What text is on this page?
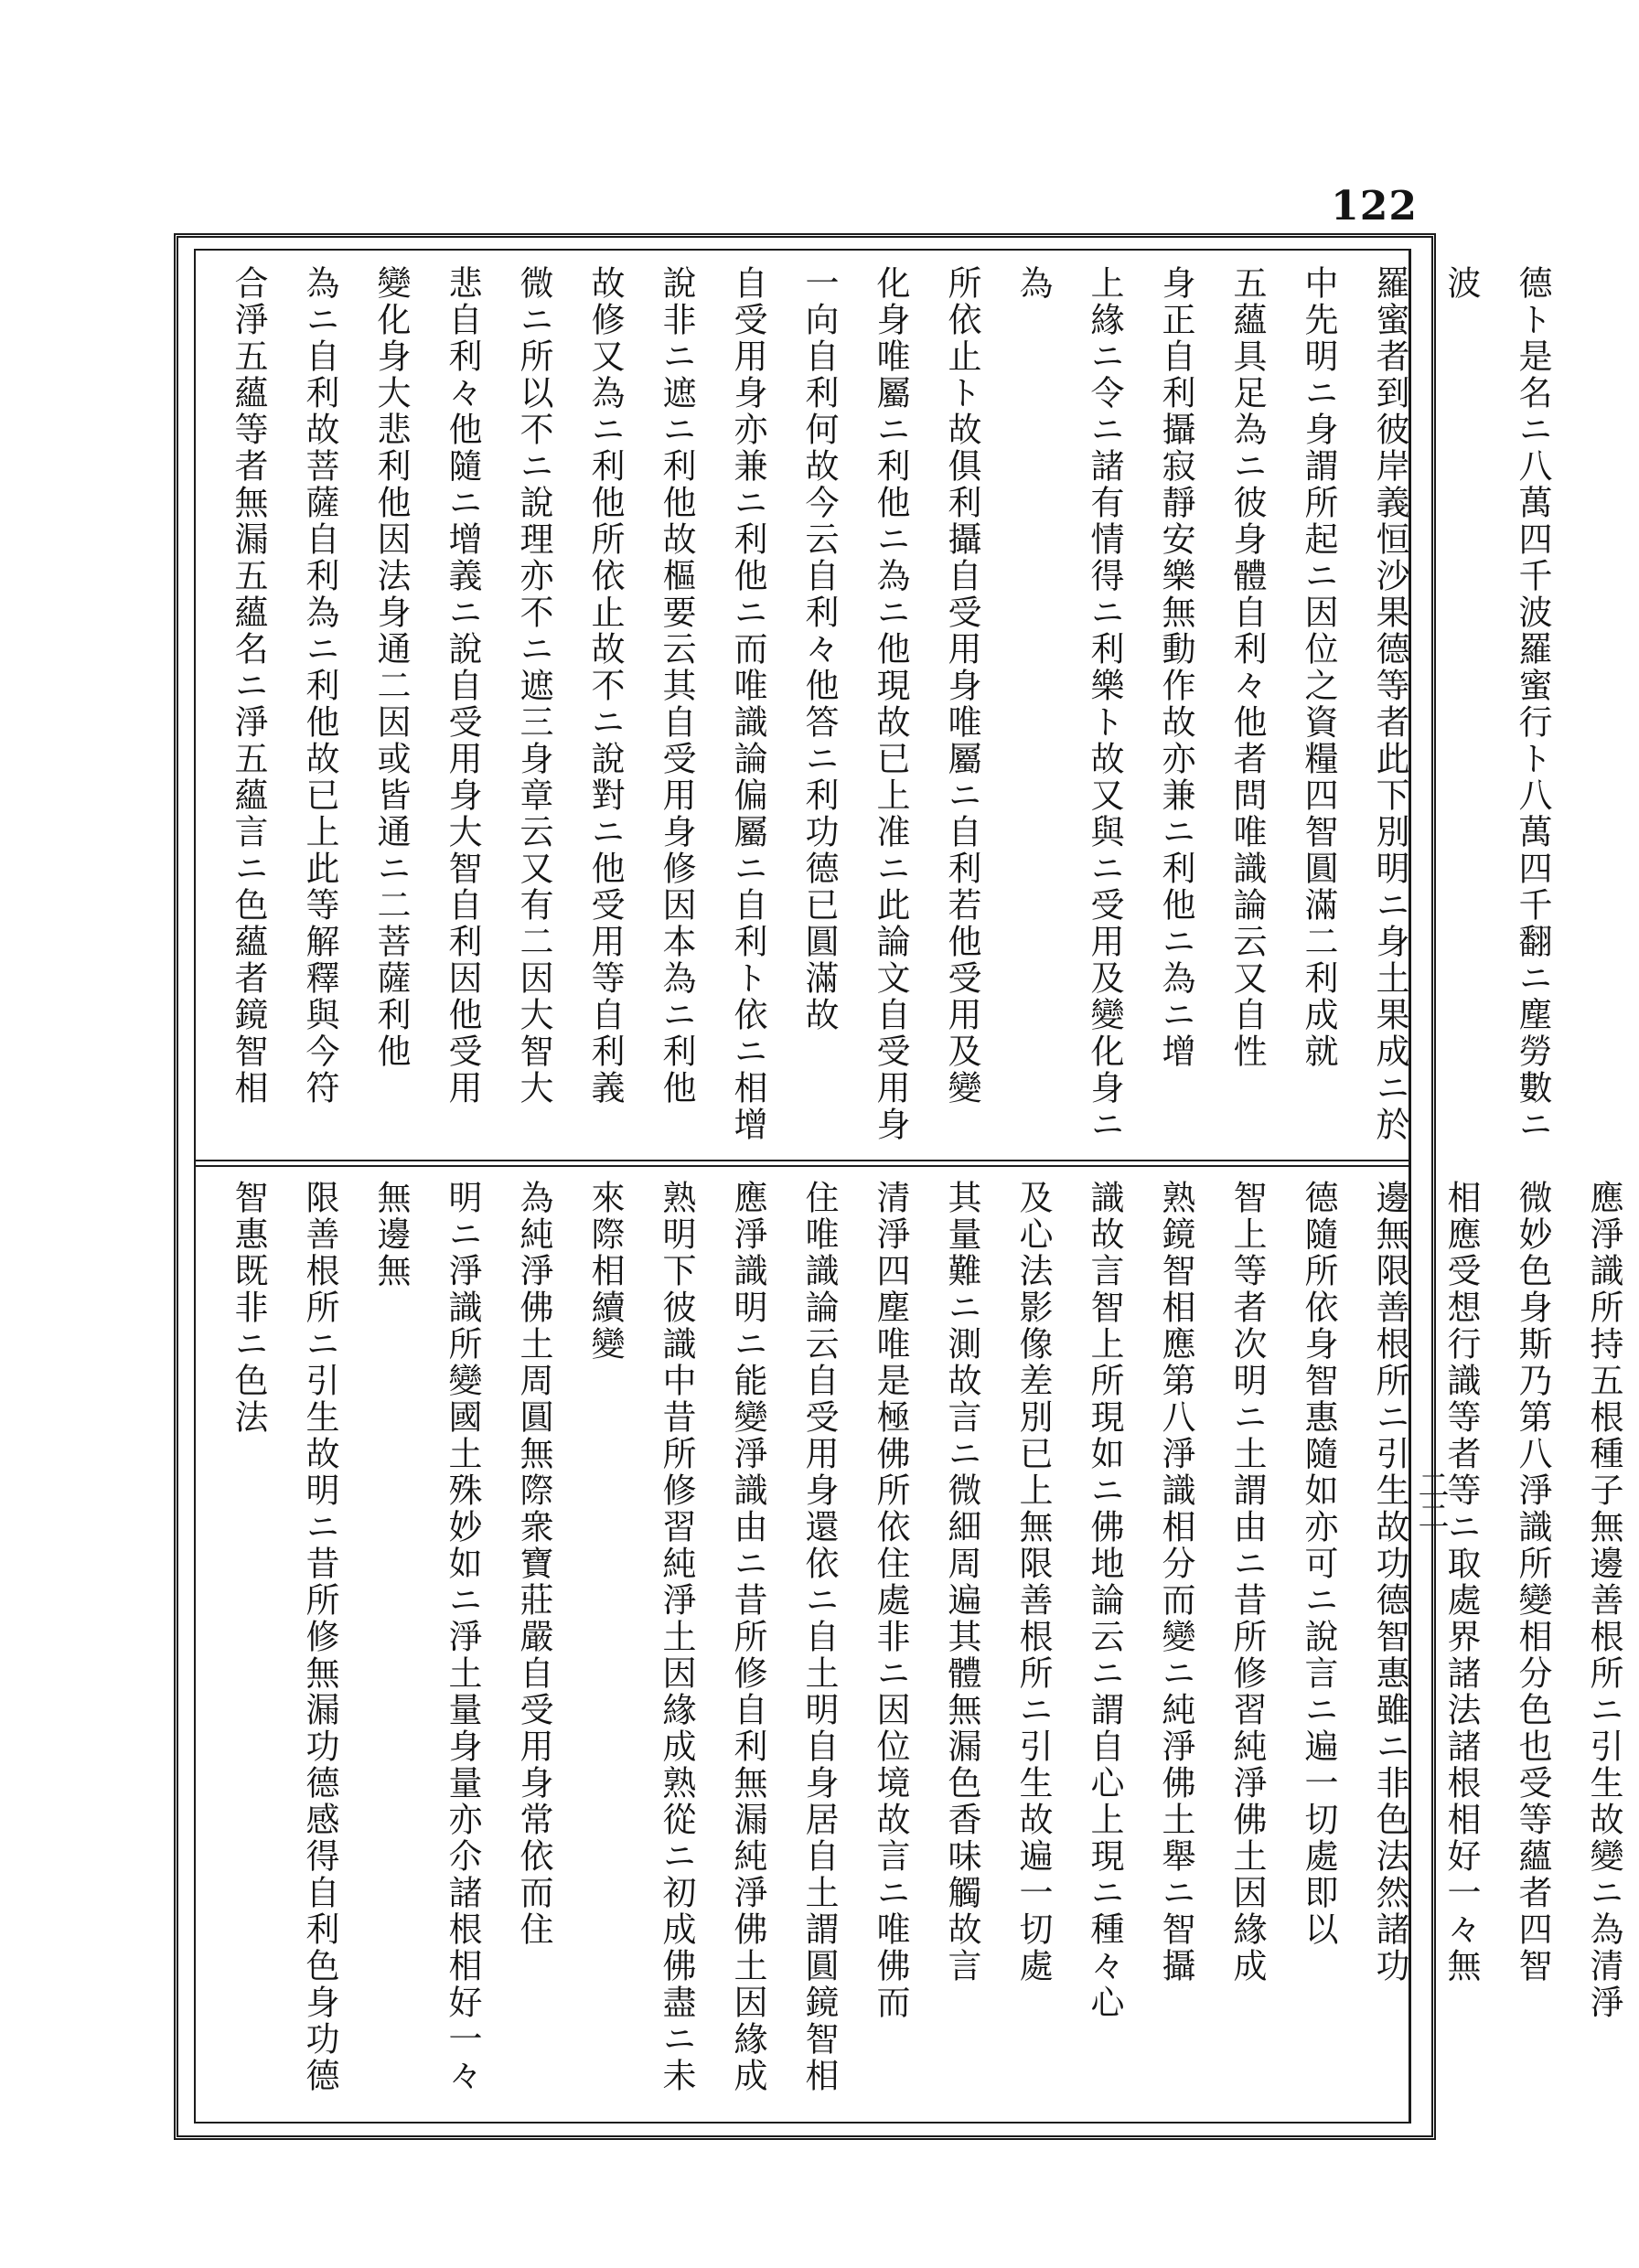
122
德ト是名ニ八萬四千波羅蜜行ト八萬四千翻ニ塵勞數ニ波
羅蜜者到彼岸義恒沙果德等者此下別明ニ身土果成ニ於
中先明ニ身謂所起ニ因位之資糧四智圓滿二利成就
五蘊具足為ニ彼身體自利々他者問唯識論云又自性
身正自利攝寂靜安樂無動作故亦兼ニ利他ニ為ニ增
上緣ニ令ニ諸有情得ニ利樂ト故又與ニ受用及變化身ニ為
所依止ト故俱利攝自受用身唯屬ニ自利若他受用及變
化身唯屬ニ利他ニ為ニ他現故已上准ニ此論文自受用身
一向自利何故今云自利々他答ニ利功德已圓滿故
自受用身亦兼ニ利他ニ而唯識論偏屬ニ自利ト依ニ相增
說非ニ遮ニ利他故樞要云其自受用身修因本為ニ利他
故修又為ニ利他所依止故不ニ說對ニ他受用等自利義
微ニ所以不ニ說理亦不ニ遮三身章云又有二因大智大
悲自利々他隨ニ增義ニ說自受用身大智自利因他受用
變化身大悲利他因法身通二因或皆通ニ二菩薩利他
為ニ自利故菩薩自利為ニ利他故已上此等解釋與今符
合淨五蘊等者無漏五蘊名ニ淨五蘊言ニ色蘊者鏡智相
應淨識所持五根種子無邊善根所ニ引生故變ニ為清淨
微妙色身斯乃第八淨識所變相分色也受等蘊者四智
相應受想行識等者等ニ取處界諸法諸根相好一々無
邊無限善根所ニ引生故功德智惠雖ニ非色法然諸功
德隨所依身智惠隨如亦可ニ說言ニ遍一切處即以
智上等者次明ニ土謂由ニ昔所修習純淨佛土因緣成
熟鏡智相應第八淨識相分而變ニ純淨佛土舉ニ智攝
識故言智上所現如ニ佛地論云ニ謂自心上現ニ種々心
及心法影像差別已上無限善根所ニ引生故遍一切處
其量難ニ測故言ニ微細周遍其體無漏色香味觸故言
清淨四塵唯是極佛所依住處非ニ因位境故言ニ唯佛而
住唯識論云自受用身還依ニ自土明自身居自土謂圓鏡智相
應淨識明ニ能變淨識由ニ昔所修自利無漏純淨佛土因緣成
熟明下彼識中昔所修習純淨土因緣成熟從ニ初成佛盡ニ未來際相續變
為純淨佛土周圓無際衆寶莊嚴自受用身常依而住
明ニ淨識所變國土殊妙如ニ淨土量身量亦尒諸根相好一々無邊無
限善根所ニ引生故明ニ昔所修無漏功德感得自利色身功德智惠既非ニ色法
二二
